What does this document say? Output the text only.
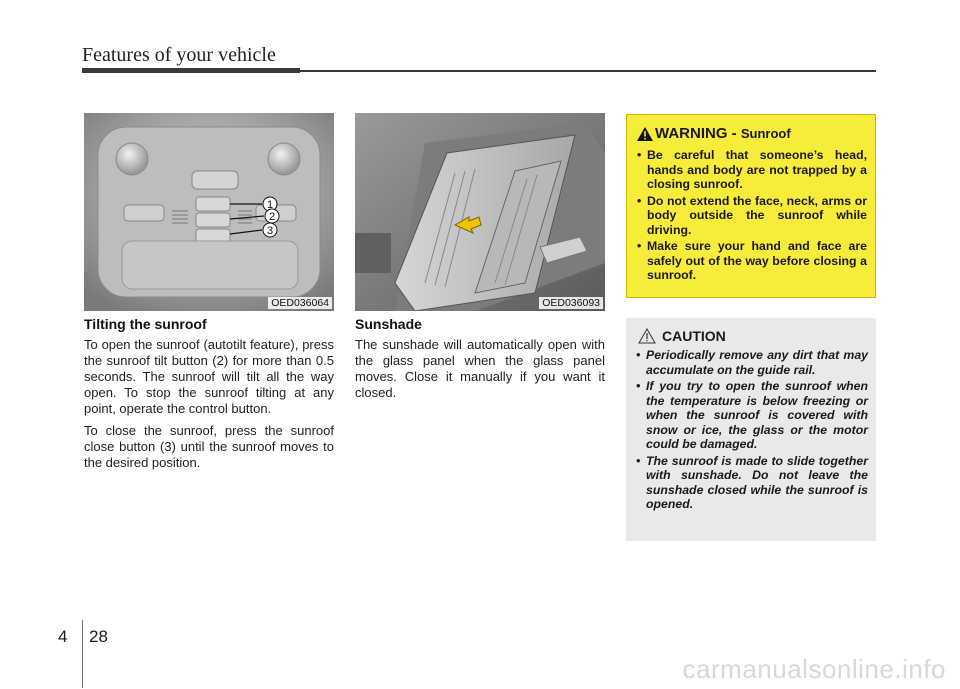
Features of your vehicle
1
2
3
OED036064	OED036093
Tilting the sunroof

To open the sunroof (autotilt feature), press the sunroof tilt button (2) for more than 0.5 seconds. The sunroof will tilt all the way open. To stop the sunroof tilting at any point, operate the control button.

To close the sunroof, press the sunroof close button (3) until the sunroof moves to the desired position.

Sunshade

The sunshade will automatically open with the glass panel when the glass panel moves. Close it manually if you want it closed.

WARNING - Sunroof
• Be careful that someone’s head, hands and body are not trapped by a closing sunroof.
• Do not extend the face, neck, arms or body outside the sunroof while driving.
• Make sure your hand and face are safely out of the way before closing a sunroof.
CAUTION
• Periodically remove any dirt that may accumulate on the guide rail.
• If you try to open the sunroof when the temperature is below freezing or when the sunroof is covered with snow or ice, the glass or the motor could be damaged.
• The sunroof is made to slide together with sunshade. Do not leave the sunshade closed while the sunroof is opened.
4 28
carmanualsonline.info
